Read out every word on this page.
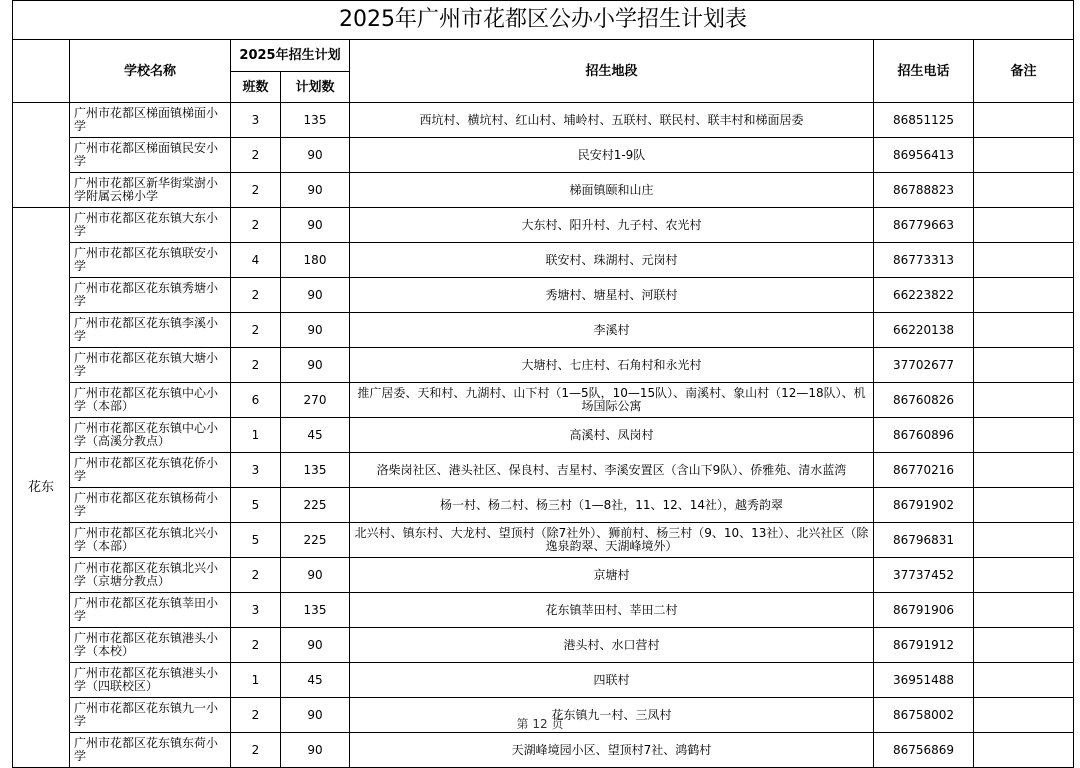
2025年广州市花都区公办小学招生计划表						
	学校名称	2025年招生计划		招生地段	招生电话	备注
		班数	计划数			
	广州市花都区梯面镇梯面小学	3	135	西坑村、横坑村、红山村、埔岭村、五联村、联民村、联丰村和梯面居委	86851125	
	广州市花都区梯面镇民安小学	2	90	民安村1-9队	86956413	
	广州市花都区新华街棠澍小学附属云梯小学	2	90	梯面镇颐和山庄	86788823	
花东	广州市花都区花东镇大东小学	2	90	大东村、阳升村、九子村、农光村	86779663	
	广州市花都区花东镇联安小学	4	180	联安村、珠湖村、元岗村	86773313	
	广州市花都区花东镇秀塘小学	2	90	秀塘村、塘星村、河联村	66223822	
	广州市花都区花东镇李溪小学	2	90	李溪村	66220138	
	广州市花都区花东镇大塘小学	2	90	大塘村、七庄村、石角村和永光村	37702677	
	广州市花都区花东镇中心小学（本部）	6	270	推广居委、天和村、九湖村、山下村（1—5队，10—15队）、南溪村、象山村（12—18队）、机场国际公寓	86760826	
	广州市花都区花东镇中心小学（高溪分教点）	1	45	高溪村、凤岗村	86760896	
	广州市花都区花东镇花侨小学	3	135	洛柴岗社区、港头社区、保良村、吉星村、李溪安置区（含山下9队）、侨雅苑、清水蓝湾	86770216	
	广州市花都区花东镇杨荷小学	5	225	杨一村、杨二村、杨三村（1—8社，11、12、14社），越秀韵翠	86791902	
	广州市花都区花东镇北兴小学（本部）	5	225	北兴村、镇东村、大龙村、望顶村（除7社外）、狮前村、杨三村（9、10、13社）、北兴社区（除逸泉韵翠、天湖峰境外）	86796831	
	广州市花都区花东镇北兴小学（京塘分教点）	2	90	京塘村	37737452	
	广州市花都区花东镇莘田小学	3	135	花东镇莘田村、莘田二村	86791906	
	广州市花都区花东镇港头小学（本校）	2	90	港头村、水口营村	86791912	
	广州市花都区花东镇港头小学（四联校区）	1	45	四联村	36951488	
	广州市花都区花东镇九一小学	2	90	花东镇九一村、三凤村	86758002	
	广州市花都区花东镇东荷小学	2	90	天湖峰境园小区、望顶村7社、鸿鹤村	86756869	
第 12 页
